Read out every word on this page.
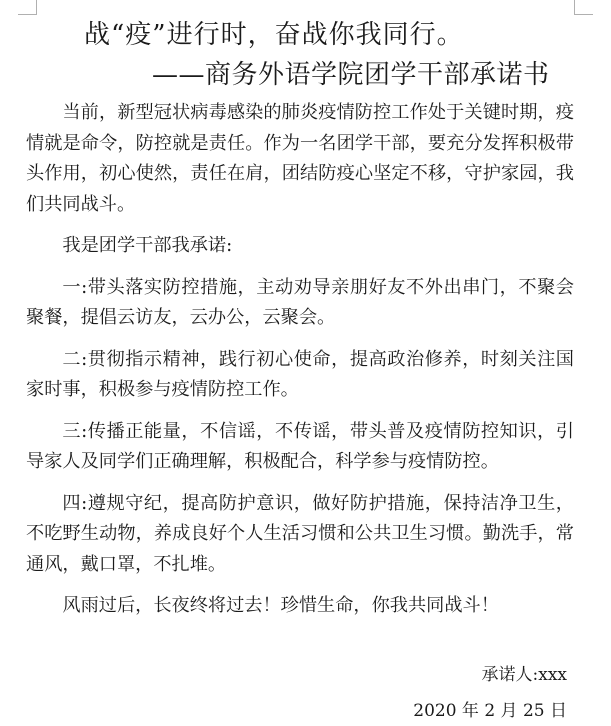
战“疫”进行时，奋战你我同行。
——商务外语学院团学干部承诺书

当前，新型冠状病毒感染的肺炎疫情防控工作处于关键时期，疫情就是命令，防控就是责任。作为一名团学干部，要充分发挥积极带头作用，初心使然，责任在肩，团结防疫心坚定不移，守护家园，我们共同战斗。

我是团学干部我承诺:

一:带头落实防控措施，主动劝导亲朋好友不外出串门，不聚会聚餐，提倡云访友，云办公，云聚会。

二:贯彻指示精神，践行初心使命，提高政治修养，时刻关注国家时事，积极参与疫情防控工作。

三:传播正能量，不信谣，不传谣，带头普及疫情防控知识，引导家人及同学们正确理解，积极配合，科学参与疫情防控。

四:遵规守纪，提高防护意识，做好防护措施，保持洁净卫生，不吃野生动物，养成良好个人生活习惯和公共卫生习惯。勤洗手，常通风，戴口罩，不扎堆。

风雨过后，长夜终将过去！珍惜生命，你我共同战斗！

承诺人:xxx
2020 年 2 月 25 日
